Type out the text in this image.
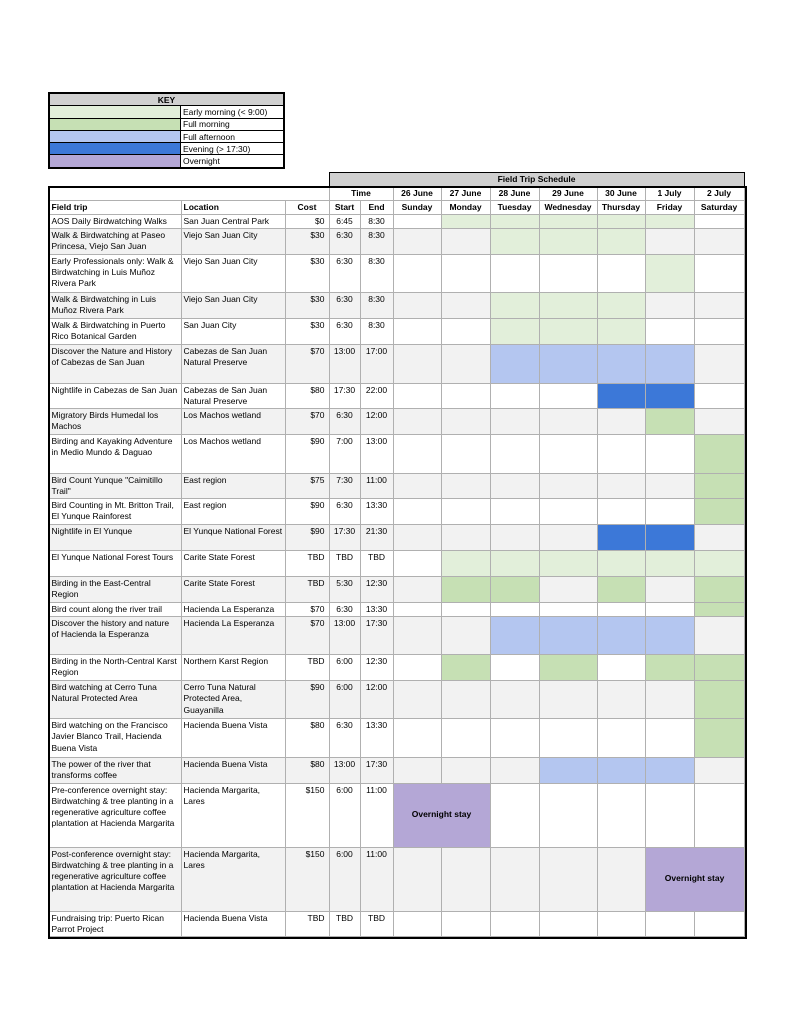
KEY	
	Early morning (< 9:00)
	Full morning
	Full afternoon
	Evening (> 17:30)
	Overnight
			Field Trip Schedule								
			Time		26 June	27 June	28 June	29 June	30 June	1 July	2 July
Field trip	Location	Cost	Start	End	Sunday	Monday	Tuesday	Wednesday	Thursday	Friday	Saturday
AOS Daily Birdwatching Walks	San Juan Central Park	$0	6:45	8:30							
Walk & Birdwatching at Paseo Princesa, Viejo San Juan	Viejo San Juan City	$30	6:30	8:30							
Early Professionals only: Walk & Birdwatching in Luis Muñoz Rivera Park	Viejo San Juan City	$30	6:30	8:30							
Walk & Birdwatching in Luis Muñoz Rivera Park	Viejo San Juan City	$30	6:30	8:30							
Walk & Birdwatching in Puerto Rico Botanical Garden	San Juan City	$30	6:30	8:30							
Discover the Nature and History of Cabezas de San Juan	Cabezas de San Juan Natural Preserve	$70	13:00	17:00							
Nightlife in Cabezas de San Juan	Cabezas de San Juan Natural Preserve	$80	17:30	22:00							
Migratory Birds Humedal los Machos	Los Machos wetland	$70	6:30	12:00							
Birding and Kayaking Adventure in Medio Mundo & Daguao	Los Machos wetland	$90	7:00	13:00							
Bird Count Yunque "Caimitillo Trail"	East region	$75	7:30	11:00							
Bird Counting in Mt. Britton Trail, El Yunque Rainforest	East region	$90	6:30	13:30							
Nightlife in El Yunque	El Yunque National Forest	$90	17:30	21:30							
El Yunque National Forest Tours	Carite State Forest	TBD	TBD	TBD							
Birding in the East-Central Region	Carite State Forest	TBD	5:30	12:30							
Bird count along the river trail	Hacienda La Esperanza	$70	6:30	13:30							
Discover the history and nature of Hacienda la Esperanza	Hacienda La Esperanza	$70	13:00	17:30							
Birding in the North-Central Karst Region	Northern Karst Region	TBD	6:00	12:30							
Bird watching at Cerro Tuna Natural Protected Area	Cerro Tuna Natural Protected Area, Guayanilla	$90	6:00	12:00							
Bird watching on the Francisco Javier Blanco Trail, Hacienda Buena Vista	Hacienda Buena Vista	$80	6:30	13:30							
The power of the river that transforms coffee	Hacienda Buena Vista	$80	13:00	17:30							
Pre-conference overnight stay: Birdwatching & tree planting in a regenerative agriculture coffee plantation at Hacienda Margarita	Hacienda Margarita, Lares	$150	6:00	11:00	Overnight stay						
Post-conference overnight stay: Birdwatching & tree planting in a regenerative agriculture coffee plantation at Hacienda Margarita	Hacienda Margarita, Lares	$150	6:00	11:00						Overnight stay	
Fundraising trip: Puerto Rican Parrot Project	Hacienda Buena Vista	TBD	TBD	TBD							
